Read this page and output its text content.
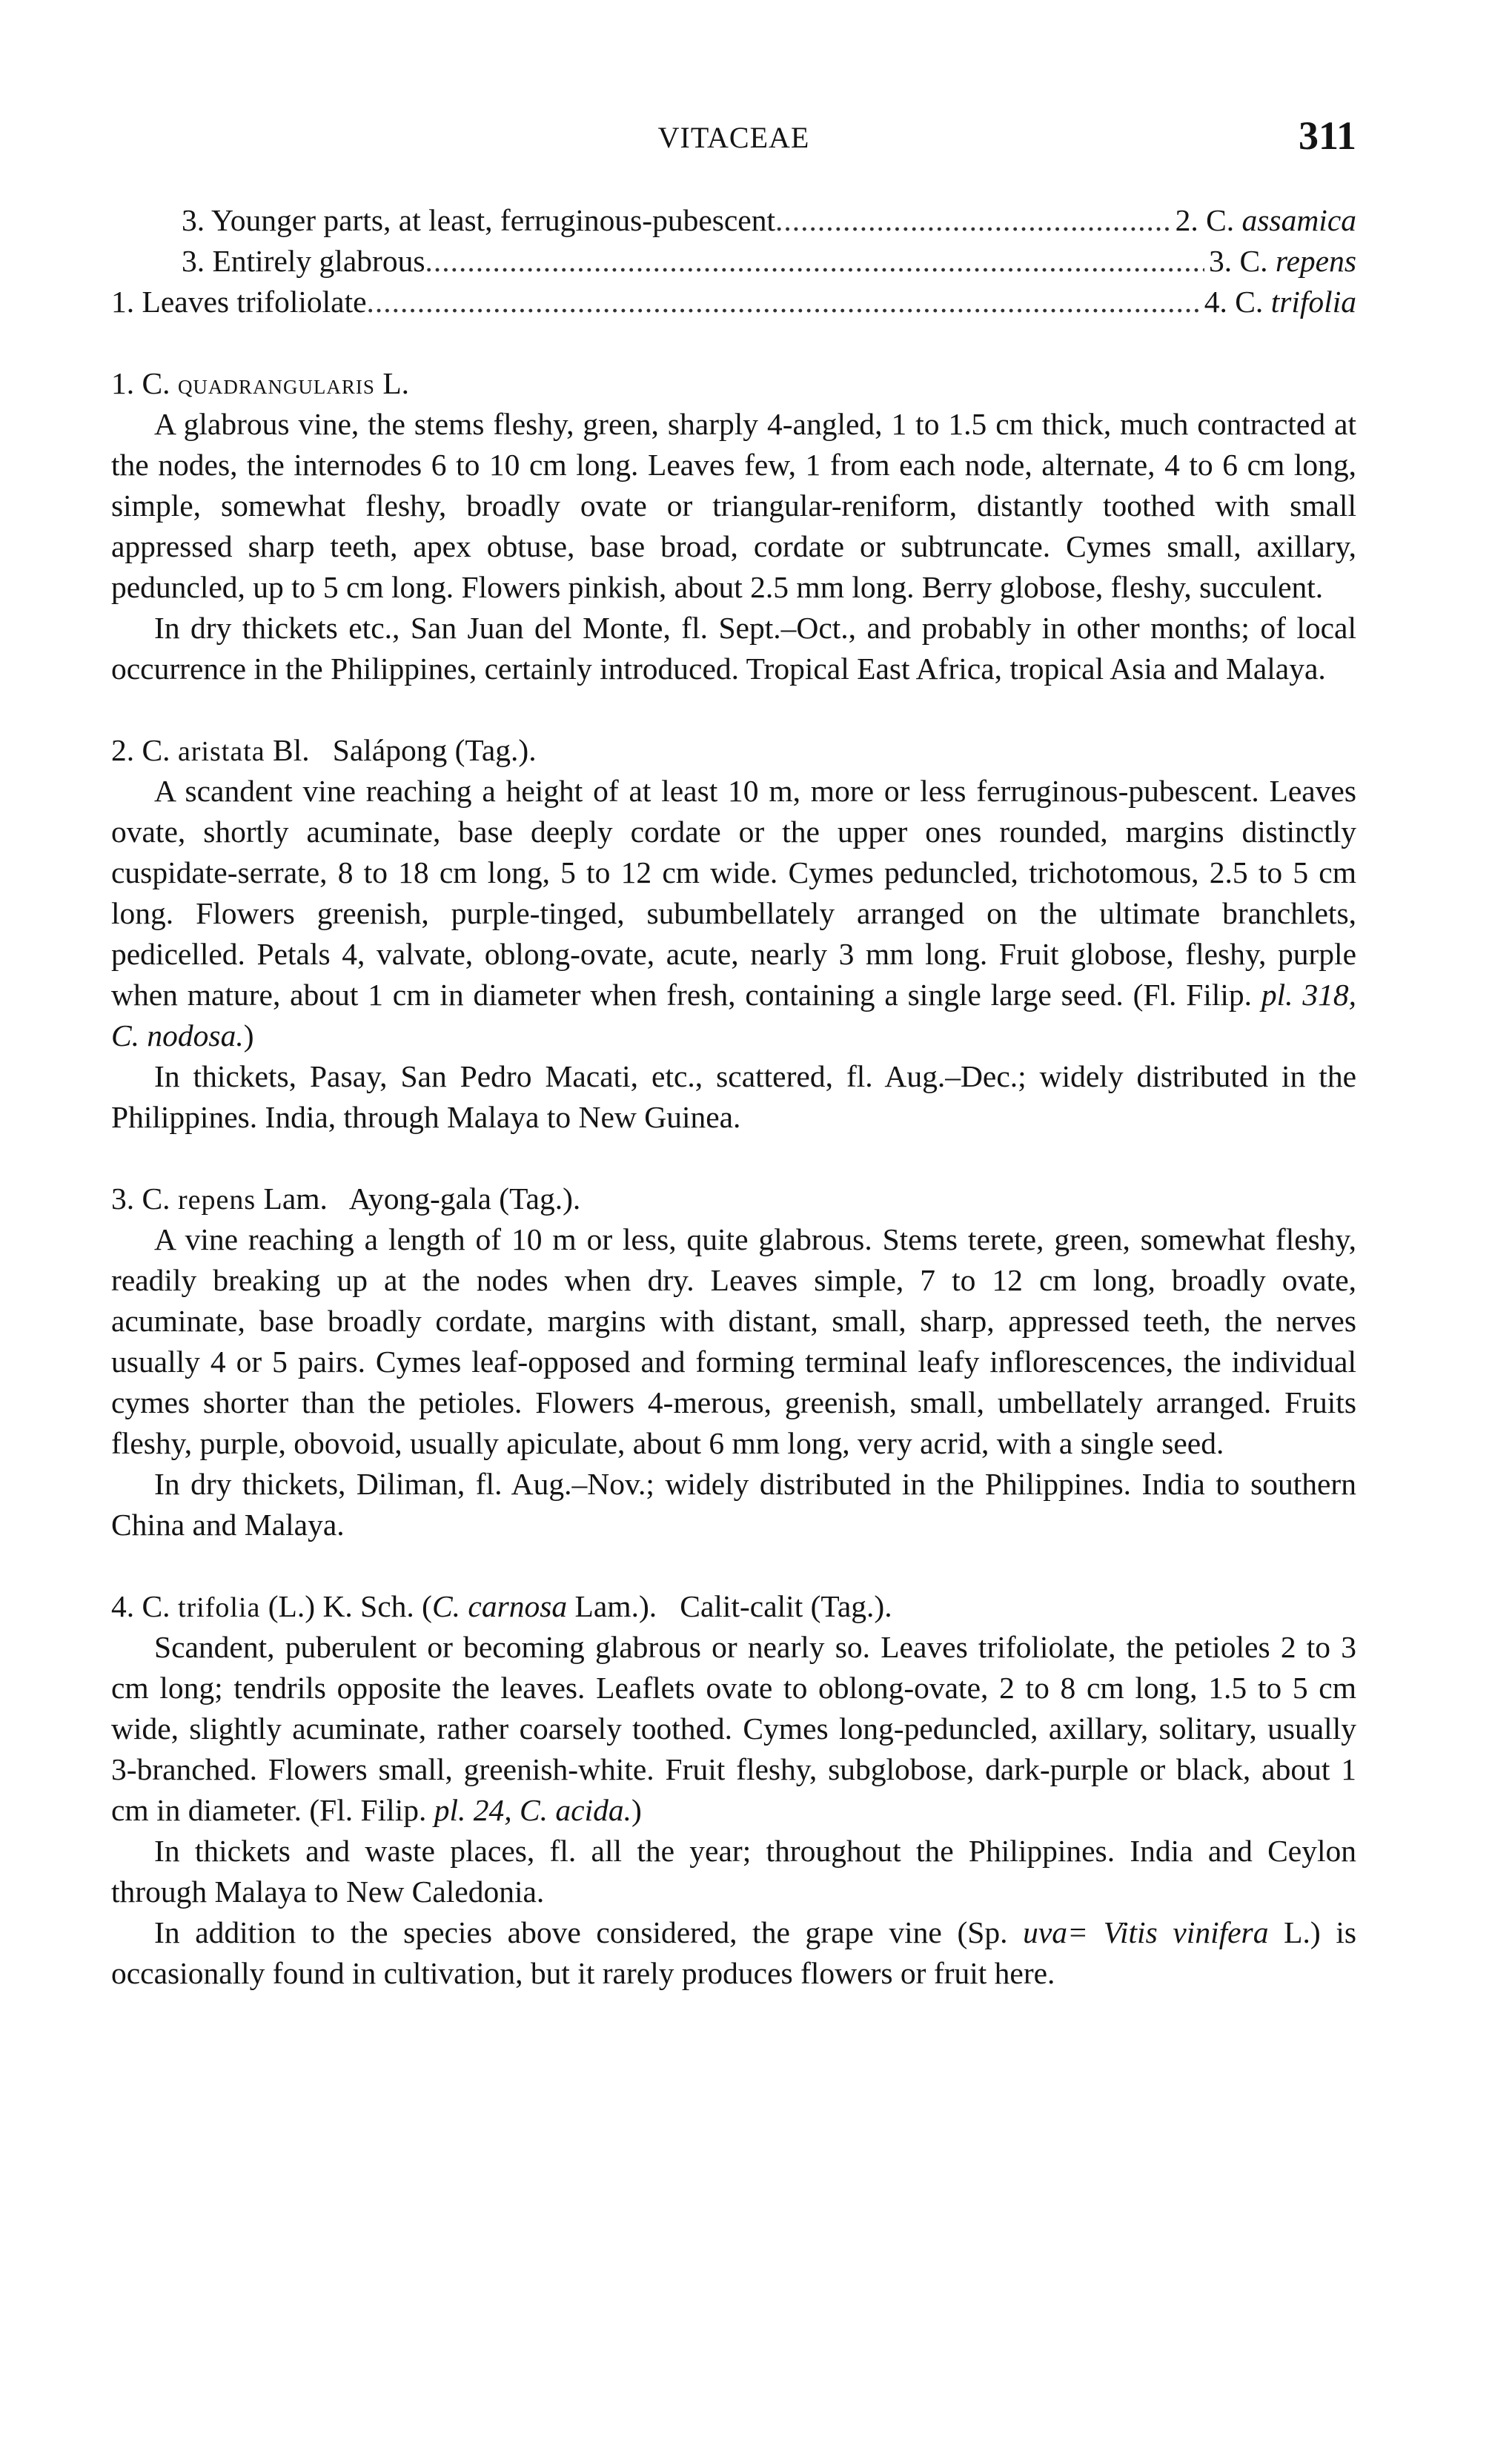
VITACEAE	311
3. Younger parts, at least, ferruginous-pubescent .....	2. C. assamica
3. Entirely glabrous .....	3. C. repens
1. Leaves trifoliolate .....	4. C. trifolia
1. C. quadrangularis L.

A glabrous vine, the stems fleshy, green, sharply 4-angled, 1 to 1.5 cm thick, much contracted at the nodes, the internodes 6 to 10 cm long. Leaves few, 1 from each node, alternate, 4 to 6 cm long, simple, somewhat fleshy, broadly ovate or triangular-reniform, distantly toothed with small appressed sharp teeth, apex obtuse, base broad, cordate or subtruncate. Cymes small, axillary, peduncled, up to 5 cm long. Flowers pinkish, about 2.5 mm long. Berry globose, fleshy, succulent.

In dry thickets etc., San Juan del Monte, fl. Sept.–Oct., and probably in other months; of local occurrence in the Philippines, certainly introduced. Tropical East Africa, tropical Asia and Malaya.

2. C. aristata Bl. Salápong (Tag.).

A scandent vine reaching a height of at least 10 m, more or less ferruginous-pubescent. Leaves ovate, shortly acuminate, base deeply cordate or the upper ones rounded, margins distinctly cuspidate-serrate, 8 to 18 cm long, 5 to 12 cm wide. Cymes peduncled, trichotomous, 2.5 to 5 cm long. Flowers greenish, purple-tinged, subumbellately arranged on the ultimate branchlets, pedicelled. Petals 4, valvate, oblong-ovate, acute, nearly 3 mm long. Fruit globose, fleshy, purple when mature, about 1 cm in diameter when fresh, containing a single large seed. (Fl. Filip. pl. 318, C. nodosa.)

In thickets, Pasay, San Pedro Macati, etc., scattered, fl. Aug.–Dec.; widely distributed in the Philippines. India, through Malaya to New Guinea.

3. C. repens Lam. Ayong-gala (Tag.).

A vine reaching a length of 10 m or less, quite glabrous. Stems terete, green, somewhat fleshy, readily breaking up at the nodes when dry. Leaves simple, 7 to 12 cm long, broadly ovate, acuminate, base broadly cordate, margins with distant, small, sharp, appressed teeth, the nerves usually 4 or 5 pairs. Cymes leaf-opposed and forming terminal leafy inflorescences, the individual cymes shorter than the petioles. Flowers 4-merous, greenish, small, umbellately arranged. Fruits fleshy, purple, obovoid, usually apiculate, about 6 mm long, very acrid, with a single seed.

In dry thickets, Diliman, fl. Aug.–Nov.; widely distributed in the Philippines. India to southern China and Malaya.

4. C. trifolia (L.) K. Sch. (C. carnosa Lam.). Calit-calit (Tag.).

Scandent, puberulent or becoming glabrous or nearly so. Leaves trifoliolate, the petioles 2 to 3 cm long; tendrils opposite the leaves. Leaflets ovate to oblong-ovate, 2 to 8 cm long, 1.5 to 5 cm wide, slightly acuminate, rather coarsely toothed. Cymes long-peduncled, axillary, solitary, usually 3-branched. Flowers small, greenish-white. Fruit fleshy, subglobose, dark-purple or black, about 1 cm in diameter. (Fl. Filip. pl. 24, C. acida.)

In thickets and waste places, fl. all the year; throughout the Philippines. India and Ceylon through Malaya to New Caledonia.

In addition to the species above considered, the grape vine (Sp. uva= Vitis vinifera L.) is occasionally found in cultivation, but it rarely produces flowers or fruit here.
